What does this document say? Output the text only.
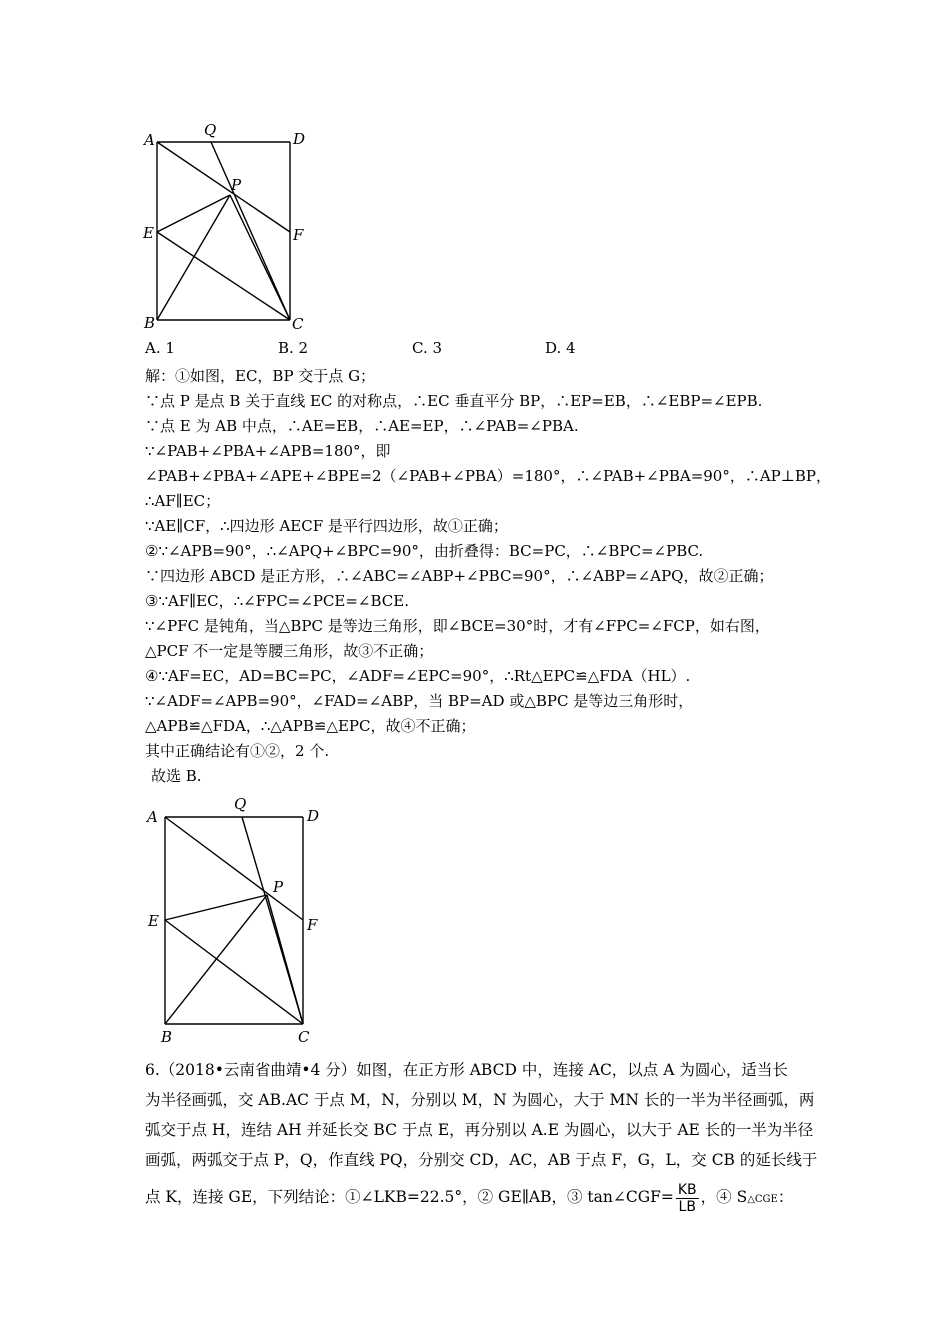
A
Q	D
P
E	F
B	C
A. 1	B. 2	C. 3	D. 4
解：①如图，EC，BP 交于点 G；
∵点 P 是点 B 关于直线 EC 的对称点，∴EC 垂直平分 BP，∴EP=EB，∴∠EBP=∠EPB.
∵点 E 为 AB 中点，∴AE=EB，∴AE=EP，∴∠PAB=∠PBA.
∵∠PAB+∠PBA+∠APB=180°，即
∠PAB+∠PBA+∠APE+∠BPE=2（∠PAB+∠PBA）=180°，∴∠PAB+∠PBA=90°，∴AP⊥BP，
∴AF∥EC；
∵AE∥CF，∴四边形 AECF 是平行四边形，故①正确；
②∵∠APB=90°，∴∠APQ+∠BPC=90°，由折叠得：BC=PC，∴∠BPC=∠PBC.
∵四边形 ABCD 是正方形，∴∠ABC=∠ABP+∠PBC=90°，∴∠ABP=∠APQ，故②正确；
③∵AF∥EC，∴∠FPC=∠PCE=∠BCE.
∵∠PFC 是钝角，当△BPC 是等边三角形，即∠BCE=30°时，才有∠FPC=∠FCP，如右图，
△PCF 不一定是等腰三角形，故③不正确；
④∵AF=EC，AD=BC=PC，∠ADF=∠EPC=90°，∴Rt△EPC≌△FDA（HL）.
∵∠ADF=∠APB=90°，∠FAD=∠ABP，当 BP=AD 或△BPC 是等边三角形时，
△APB≌△FDA，∴△APB≌△EPC，故④不正确；
其中正确结论有①②，2 个.
故选 B.
A
Q
D
P
E	F
B	C
6.（2018•云南省曲靖•4 分）如图，在正方形 ABCD 中，连接 AC，以点 A 为圆心，适当长
为半径画弧，交 AB.AC 于点 M，N，分别以 M，N 为圆心，大于 MN 长的一半为半径画弧，两
弧交于点 H，连结 AH 并延长交 BC 于点 E，再分别以 A.E 为圆心，以大于 AE 长的一半为半径
画弧，两弧交于点 P，Q，作直线 PQ，分别交 CD，AC，AB 于点 F，G，L，交 CB 的延长线于
点 K，连接 GE，下列结论：①∠LKB=22.5°，② GE∥AB，③ tan∠CGF= $\frac{KB}{LB}$ ，④ S△CGE：
